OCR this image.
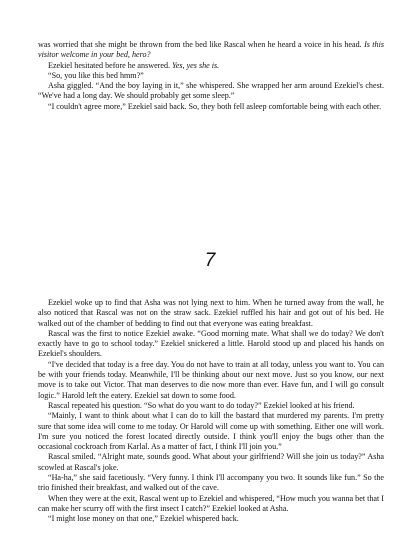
was worried that she might be thrown from the bed like Rascal when he heard a voice in his head. Is this visitor welcome in your bed, hero?

Ezekiel hesitated before he answered. Yes, yes she is.

“So, you like this bed hmm?”

Asha giggled. “And the boy laying in it,” she whispered. She wrapped her arm around Ezekiel's chest. “We've had a long day. We should probably get some sleep.”

“I couldn't agree more,” Ezekiel said back. So, they both fell asleep comfortable being with each other.

7

Ezekiel woke up to find that Asha was not lying next to him. When he turned away from the wall, he also noticed that Rascal was not on the straw sack. Ezekiel ruffled his hair and got out of his bed. He walked out of the chamber of bedding to find out that everyone was eating breakfast.

Rascal was the first to notice Ezekiel awake. “Good morning mate. What shall we do today? We don't exactly have to go to school today.” Ezekiel snickered a little. Harold stood up and placed his hands on Ezekiel's shoulders.

“I've decided that today is a free day. You do not have to train at all today, unless you want to. You can be with your friends today. Meanwhile, I'll be thinking about our next move. Just so you know, our next move is to take out Victor. That man deserves to die now more than ever. Have fun, and I will go consult logic.” Harold left the eatery. Ezekiel sat down to some food.

Rascal repeated his question. “So what do you want to do today?” Ezekiel looked at his friend.

“Mainly, I want to think about what I can do to kill the bastard that murdered my parents. I'm pretty sure that some idea will come to me today. Or Harold will come up with something. Either one will work. I'm sure you noticed the forest located directly outside. I think you'll enjoy the bugs other than the occasional cockroach from Karlal. As a matter of fact, I think I'll join you.”

Rascal smiled. “Alright mate, sounds good. What about your girlfriend? Will she join us today?” Asha scowled at Rascal's joke.

“Ha-ha,” she said facetiously. “Very funny. I think I'll accompany you two. It sounds like fun.” So the trio finished their breakfast, and walked out of the cave.

When they were at the exit, Rascal went up to Ezekiel and whispered, “How much you wanna bet that I can make her scurry off with the first insect I catch?” Ezekiel looked at Asha.

“I might lose money on that one,” Ezekiel whispered back.
